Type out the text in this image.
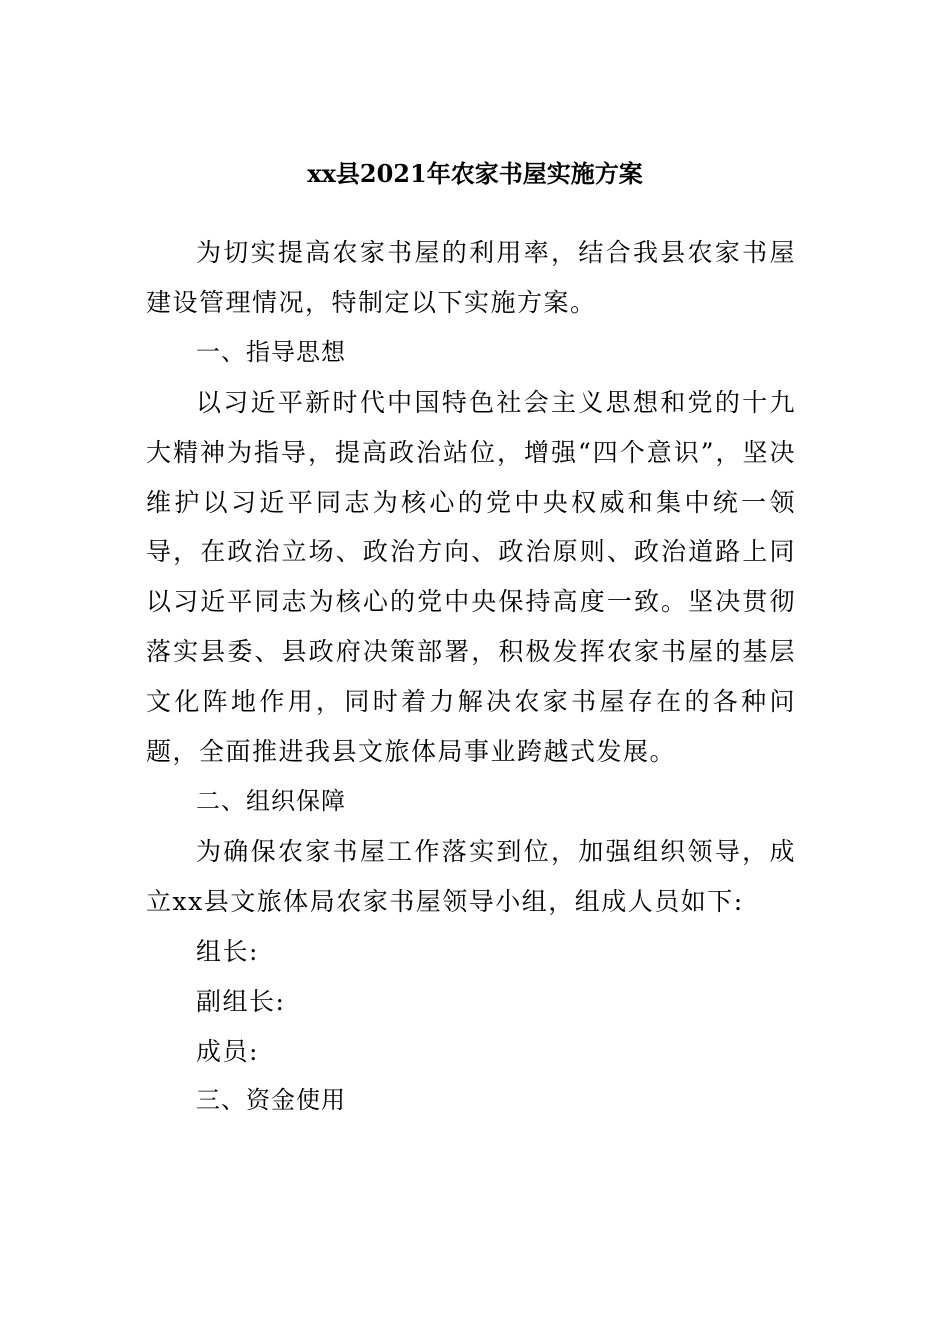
xx县2021年农家书屋实施方案

为切实提高农家书屋的利用率，结合我县农家书屋建设管理情况，特制定以下实施方案。

一、指导思想

以习近平新时代中国特色社会主义思想和党的十九大精神为指导，提高政治站位，增强“四个意识”，坚决维护以习近平同志为核心的党中央权威和集中统一领导，在政治立场、政治方向、政治原则、政治道路上同以习近平同志为核心的党中央保持高度一致。坚决贯彻落实县委、县政府决策部署，积极发挥农家书屋的基层文化阵地作用，同时着力解决农家书屋存在的各种问题，全面推进我县文旅体局事业跨越式发展。

二、组织保障

为确保农家书屋工作落实到位，加强组织领导，成立xx县文旅体局农家书屋领导小组，组成人员如下:

组长:

副组长:

成员:

三、资金使用
